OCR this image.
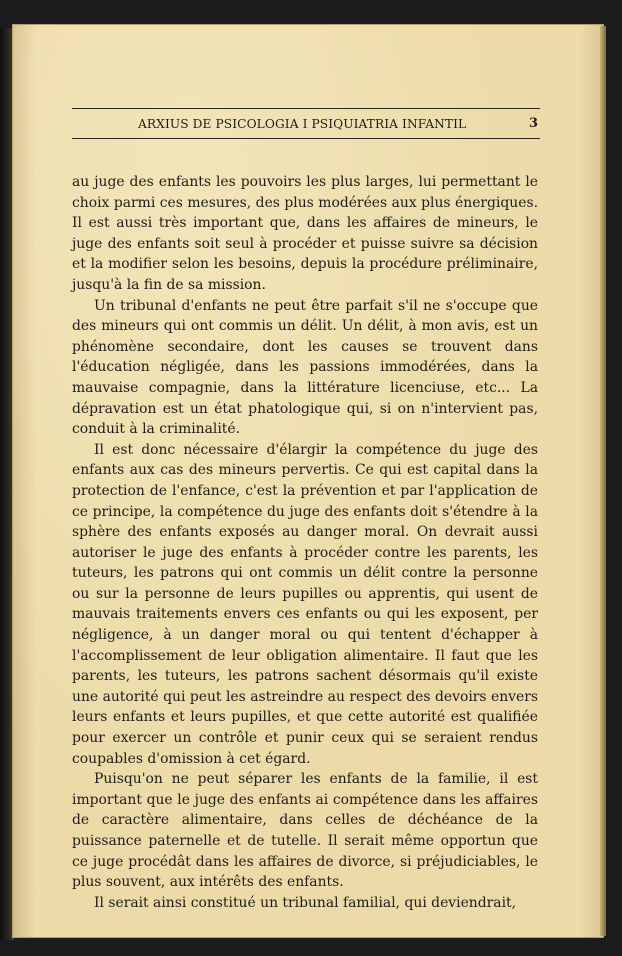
ARXIUS DE PSICOLOGIA I PSIQUIATRIA INFANTIL	3

au juge des enfants les pouvoirs les plus larges, lui permettant le choix parmi ces mesures, des plus modérées aux plus énergiques. Il est aussi très important que, dans les affaires de mineurs, le juge des enfants soit seul à procéder et puisse suivre sa décision et la modifier selon les besoins, depuis la procédure préliminaire, jusqu'à la fin de sa mission.

Un tribunal d'enfants ne peut être parfait s'il ne s'occupe que des mineurs qui ont commis un délit. Un délit, à mon avis, est un phénomène secondaire, dont les causes se trouvent dans l'éducation négligée, dans les passions immodérées, dans la mauvaise compagnie, dans la littérature licenciuse, etc... La dépravation est un état phatologique qui, si on n'intervient pas, conduit à la criminalité.

Il est donc nécessaire d'élargir la compétence du juge des enfants aux cas des mineurs pervertis. Ce qui est capital dans la protection de l'enfance, c'est la prévention et par l'application de ce principe, la compétence du juge des enfants doit s'étendre à la sphère des enfants exposés au danger moral. On devrait aussi autoriser le juge des enfants à procéder contre les parents, les tuteurs, les patrons qui ont commis un délit contre la personne ou sur la personne de leurs pupilles ou apprentis, qui usent de mauvais traitements envers ces enfants ou qui les exposent, per négligence, à un danger moral ou qui tentent d'échapper à l'accomplissement de leur obligation alimentaire. Il faut que les parents, les tuteurs, les patrons sachent désormais qu'il existe une autorité qui peut les astreindre au respect des devoirs envers leurs enfants et leurs pupilles, et que cette autorité est qualifiée pour exercer un contrôle et punir ceux qui se seraient rendus coupables d'omission à cet égard.

Puisqu'on ne peut séparer les enfants de la familie, il est important que le juge des enfants ai compétence dans les affaires de caractère alimentaire, dans celles de déchéance de la puissance paternelle et de tutelle. Il serait même opportun que ce juge procédât dans les affaires de divorce, si préjudiciables, le plus souvent, aux intérêts des enfants.

Il serait ainsi constitué un tribunal familial, qui deviendrait,
